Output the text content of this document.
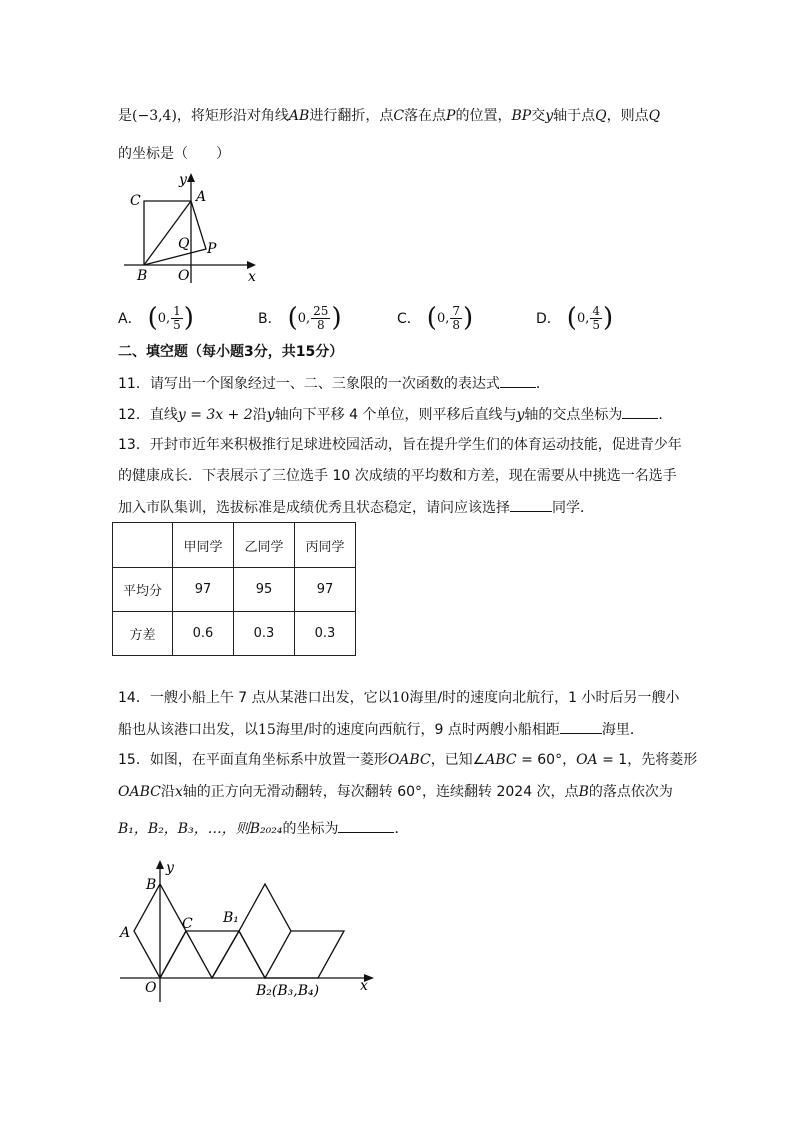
是(−3,4)，将矩形沿对角线AB进行翻折，点C落在点P的位置，BP交y轴于点Q，则点Q
的坐标是（　　）
y
x
C	A
Q P
B O
A． ( 0, $\frac{1}{5}$ )	B． ( 0, $\frac{25}{8}$ )	C． ( 0, $\frac{7}{8}$ )	D． ( 0, $\frac{4}{5}$ )
二、填空题（每小题3分，共15分）
11．请写出一个图象经过一、二、三象限的一次函数的表达式	．
12．直线y = 3x + 2沿y轴向下平移 4 个单位，则平移后直线与y轴的交点坐标为	．
13．开封市近年来积极推行足球进校园活动，旨在提升学生们的体育运动技能，促进青少年
的健康成长．下表展示了三位选手 10 次成绩的平均数和方差，现在需要从中挑选一名选手
加入市队集训，选拔标准是成绩优秀且状态稳定，请问应该选择	同学．
	甲同学	乙同学	丙同学
平均分	97	95	97
方差	0.6	0.3	0.3
14．一艘小船上午 7 点从某港口出发，它以10海里/时的速度向北航行，1 小时后另一艘小
船也从该港口出发，以15海里/时的速度向西航行，9 点时两艘小船相距	海里．
15．如图，在平面直角坐标系中放置一菱形OABC，已知∠ABC = 60°，OA = 1，先将菱形
OABC沿x轴的正方向无滑动翻转，每次翻转 60°，连续翻转 2024 次，点B的落点依次为
B₁，B₂，B₃，…，则B₂₀₂₄的坐标为	．
y
B
A
C B₁
O	B₂(B₃,B₄)	x
